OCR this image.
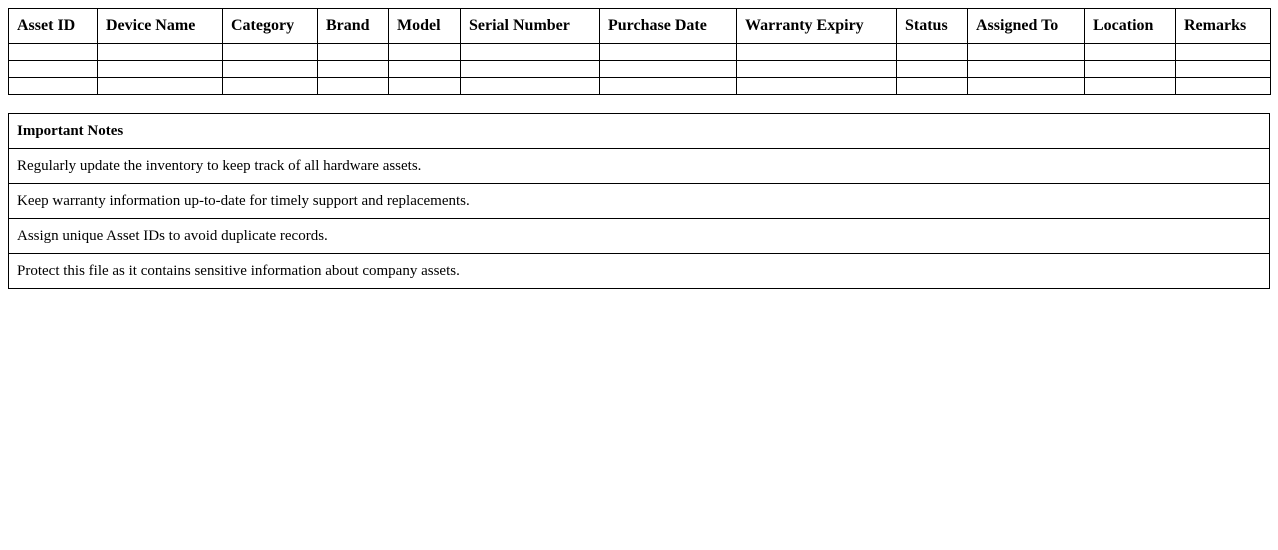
Asset ID	Device Name	Category	Brand	Model	Serial Number	Purchase Date	Warranty Expiry	Status	Assigned To	Location	Remarks

Important Notes
Regularly update the inventory to keep track of all hardware assets.
Keep warranty information up-to-date for timely support and replacements.
Assign unique Asset IDs to avoid duplicate records.
Protect this file as it contains sensitive information about company assets.
